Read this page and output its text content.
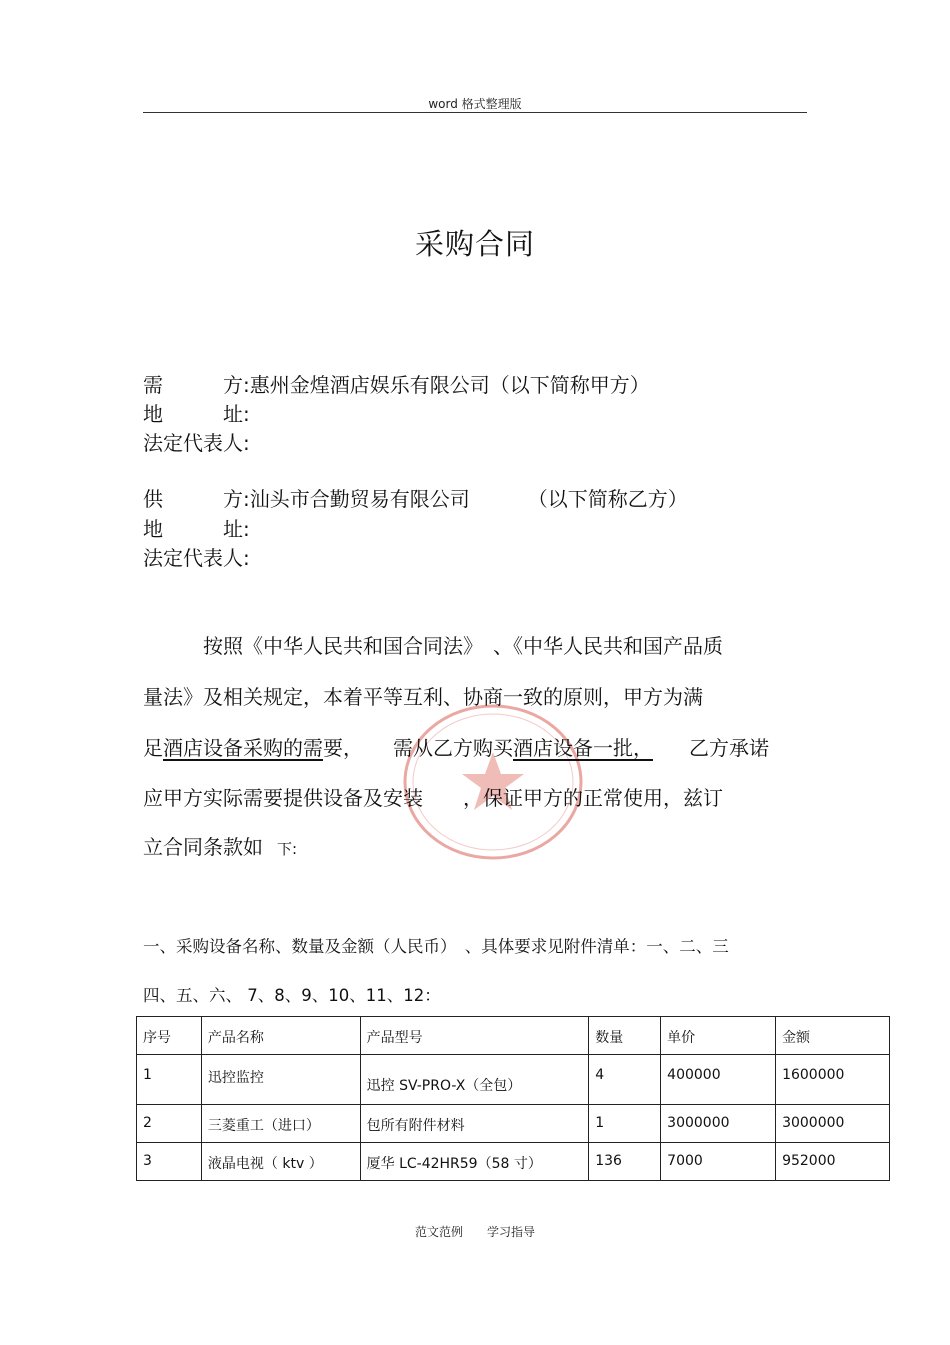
word 格式整理版
采购合同
需　　　方:惠州金煌酒店娱乐有限公司（以下简称甲方）
地　　　址:
法定代表人:
供　　　方:汕头市合勤贸易有限公司	（以下简称乙方）
地　　　址:
法定代表人:
按照《中华人民共和国合同法》　、《中华人民共和国产品质
量法》及相关规定，本着平等互利、协商一致的原则，甲方为满
足酒店设备采购的需要，　　需从乙方购买酒店设备一批， 乙方承诺
应甲方实际需要提供设备及安装　　，保证甲方的正常使用，兹订
立合同条款如 下:
一、采购设备名称、数量及金额（人民币）　、具体要求见附件清单：一、二、三
四、五、六、 7、8、9、10、11、12：
序号	产品名称	产品型号	数量	单价	金额
1	迅控监控	迅控 SV-PRO-X（全包）	4	400000	1600000
2	三菱重工（进口）	包所有附件材料	1	3000000	3000000
3	液晶电视（ ktv ）	厦华 LC-42HR59（58 寸）	136	7000	952000
范文范例　　学习指导
